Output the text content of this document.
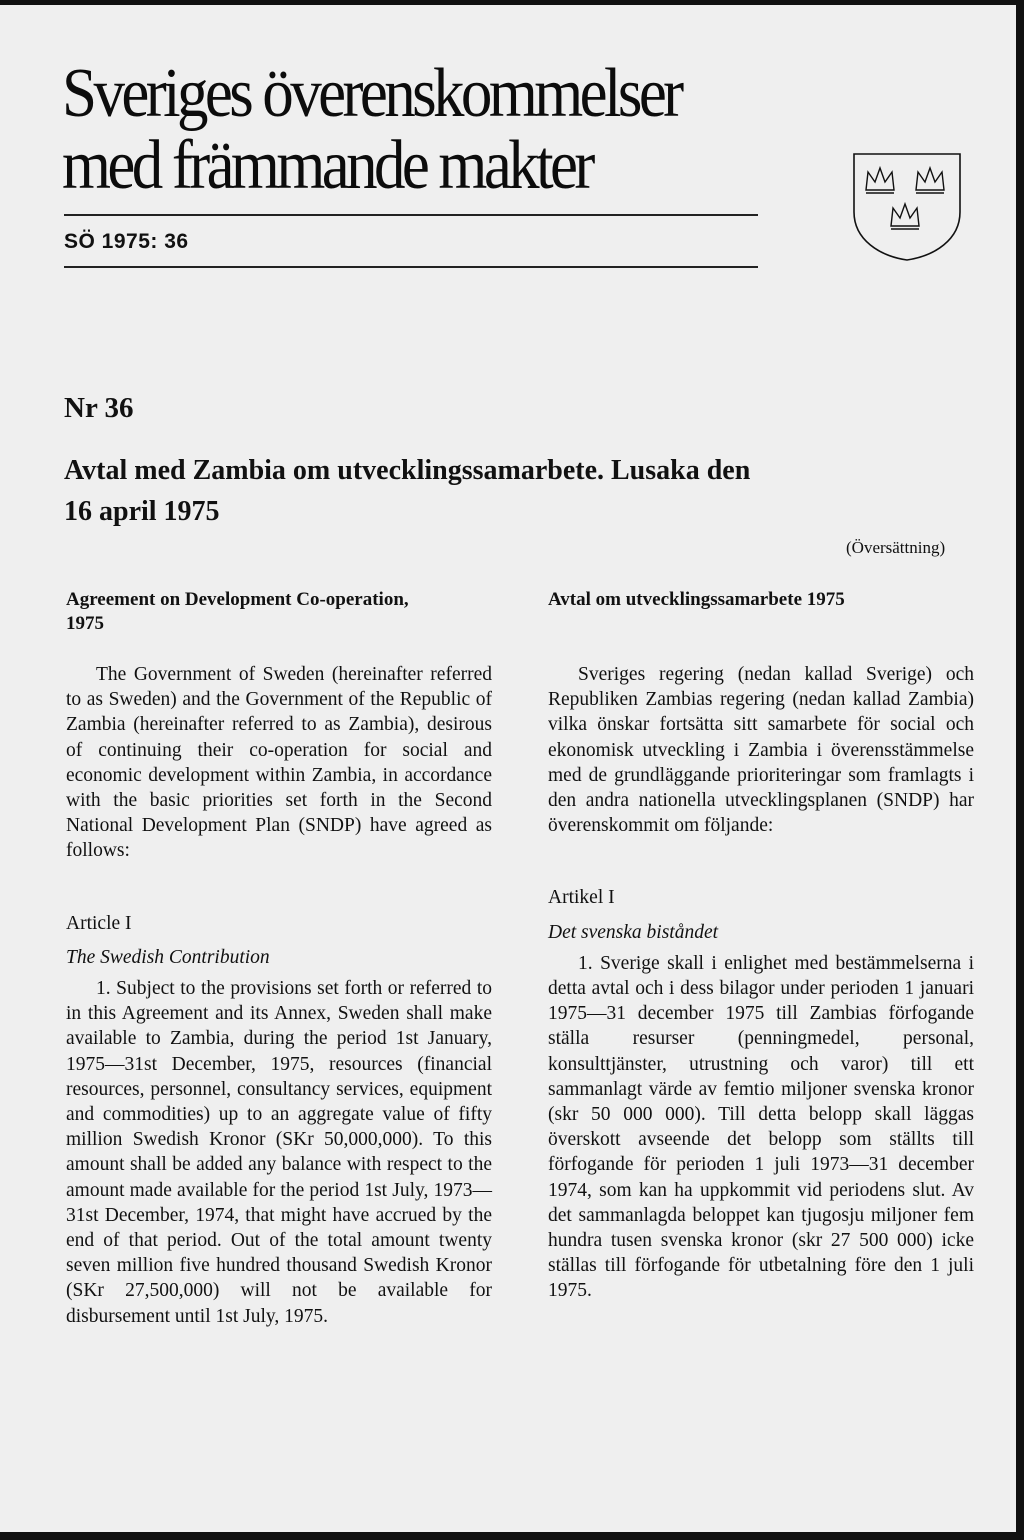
Sveriges överenskommelser
med främmande makter
SÖ 1975: 36
Nr 36
Avtal med Zambia om utvecklingssamarbete. Lusaka den
16 april 1975
(Översättning)
Agreement on Development Co-operation,
1975

The Government of Sweden (hereinafter referred to as Sweden) and the Government of the Republic of Zambia (hereinafter referred to as Zambia), desirous of continuing their co-operation for social and economic development within Zambia, in accordance with the basic priorities set forth in the Second National Development Plan (SNDP) have agreed as follows:

Article I

The Swedish Contribution

1. Subject to the provisions set forth or referred to in this Agreement and its Annex, Sweden shall make available to Zambia, during the period 1st January, 1975—31st December, 1975, resources (financial resources, personnel, consultancy services, equipment and commodities) up to an aggregate value of fifty million Swedish Kronor (SKr 50,000,000). To this amount shall be added any balance with respect to the amount made available for the period 1st July, 1973—31st December, 1974, that might have accrued by the end of that period. Out of the total amount twenty seven million five hundred thousand Swedish Kronor (SKr 27,500,000) will not be available for disbursement until 1st July, 1975.

Avtal om utvecklingssamarbete 1975

Sveriges regering (nedan kallad Sverige) och Republiken Zambias regering (nedan kallad Zambia) vilka önskar fortsätta sitt samarbete för social och ekonomisk utveckling i Zambia i överensstämmelse med de grundläggande prioriteringar som framlagts i den andra nationella utvecklingsplanen (SNDP) har överenskommit om följande:

Artikel I

Det svenska biståndet

1. Sverige skall i enlighet med bestämmelserna i detta avtal och i dess bilagor under perioden 1 januari 1975—31 december 1975 till Zambias förfogande ställa resurser (penningmedel, personal, konsulttjänster, utrustning och varor) till ett sammanlagt värde av femtio miljoner svenska kronor (skr 50 000 000). Till detta belopp skall läggas överskott avseende det belopp som ställts till förfogande för perioden 1 juli 1973—31 december 1974, som kan ha uppkommit vid periodens slut. Av det sammanlagda beloppet kan tjugosju miljoner fem hundra tusen svenska kronor (skr 27 500 000) icke ställas till förfogande för utbetalning före den 1 juli 1975.
